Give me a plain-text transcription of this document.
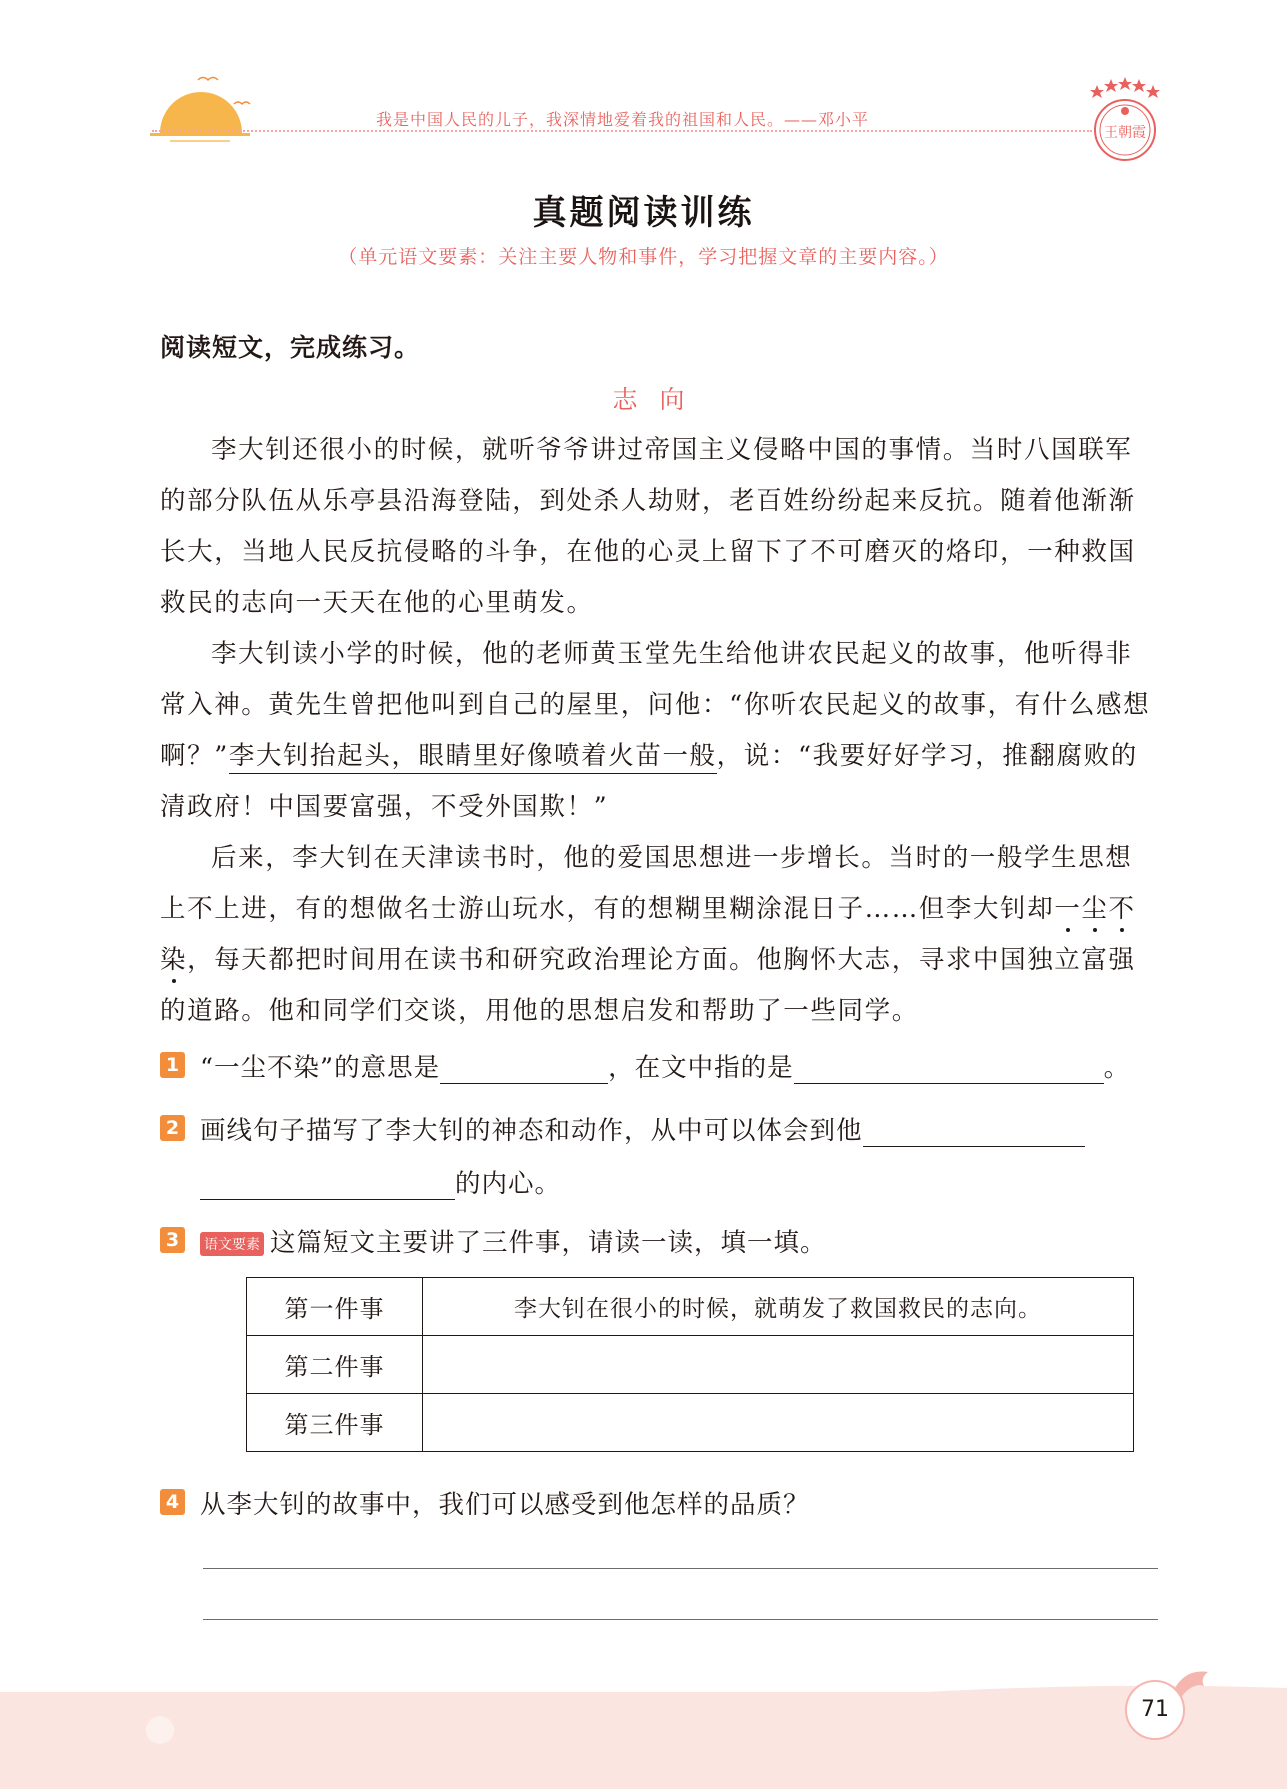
我是中国人民的儿子，我深情地爱着我的祖国和人民。——邓小平
王朝霞
真题阅读训练
（单元语文要素：关注主要人物和事件，学习把握文章的主要内容。）
阅读短文，完成练习。
志向

李大钊还很小的时候，就听爷爷讲过帝国主义侵略中国的事情。当时八国联军的部分队伍从乐亭县沿海登陆，到处杀人劫财，老百姓纷纷起来反抗。随着他渐渐长大，当地人民反抗侵略的斗争，在他的心灵上留下了不可磨灭的烙印，一种救国救民的志向一天天在他的心里萌发。

李大钊读小学的时候，他的老师黄玉堂先生给他讲农民起义的故事，他听得非常入神。黄先生曾把他叫到自己的屋里，问他：“你听农民起义的故事，有什么感想啊？”李大钊抬起头，眼睛里好像喷着火苗一般，说：“我要好好学习，推翻腐败的清政府！中国要富强，不受外国欺！”

后来，李大钊在天津读书时，他的爱国思想进一步增长。当时的一般学生思想上不上进，有的想做名士游山玩水，有的想糊里糊涂混日子……但李大钊却一尘不染，每天都把时间用在读书和研究政治理论方面。他胸怀大志，寻求中国独立富强的道路。他和同学们交谈，用他的思想启发和帮助了一些同学。

1 “一尘不染”的意思是	，在文中指的是	。
2 画线句子描写了李大钊的神态和动作，从中可以体会到他
的内心。
3	语文要素 这篇短文主要讲了三件事，请读一读，填一填。
第一件事	李大钊在很小的时候，就萌发了救国救民的志向。
第二件事	
第三件事	
4 从李大钊的故事中，我们可以感受到他怎样的品质？
71
